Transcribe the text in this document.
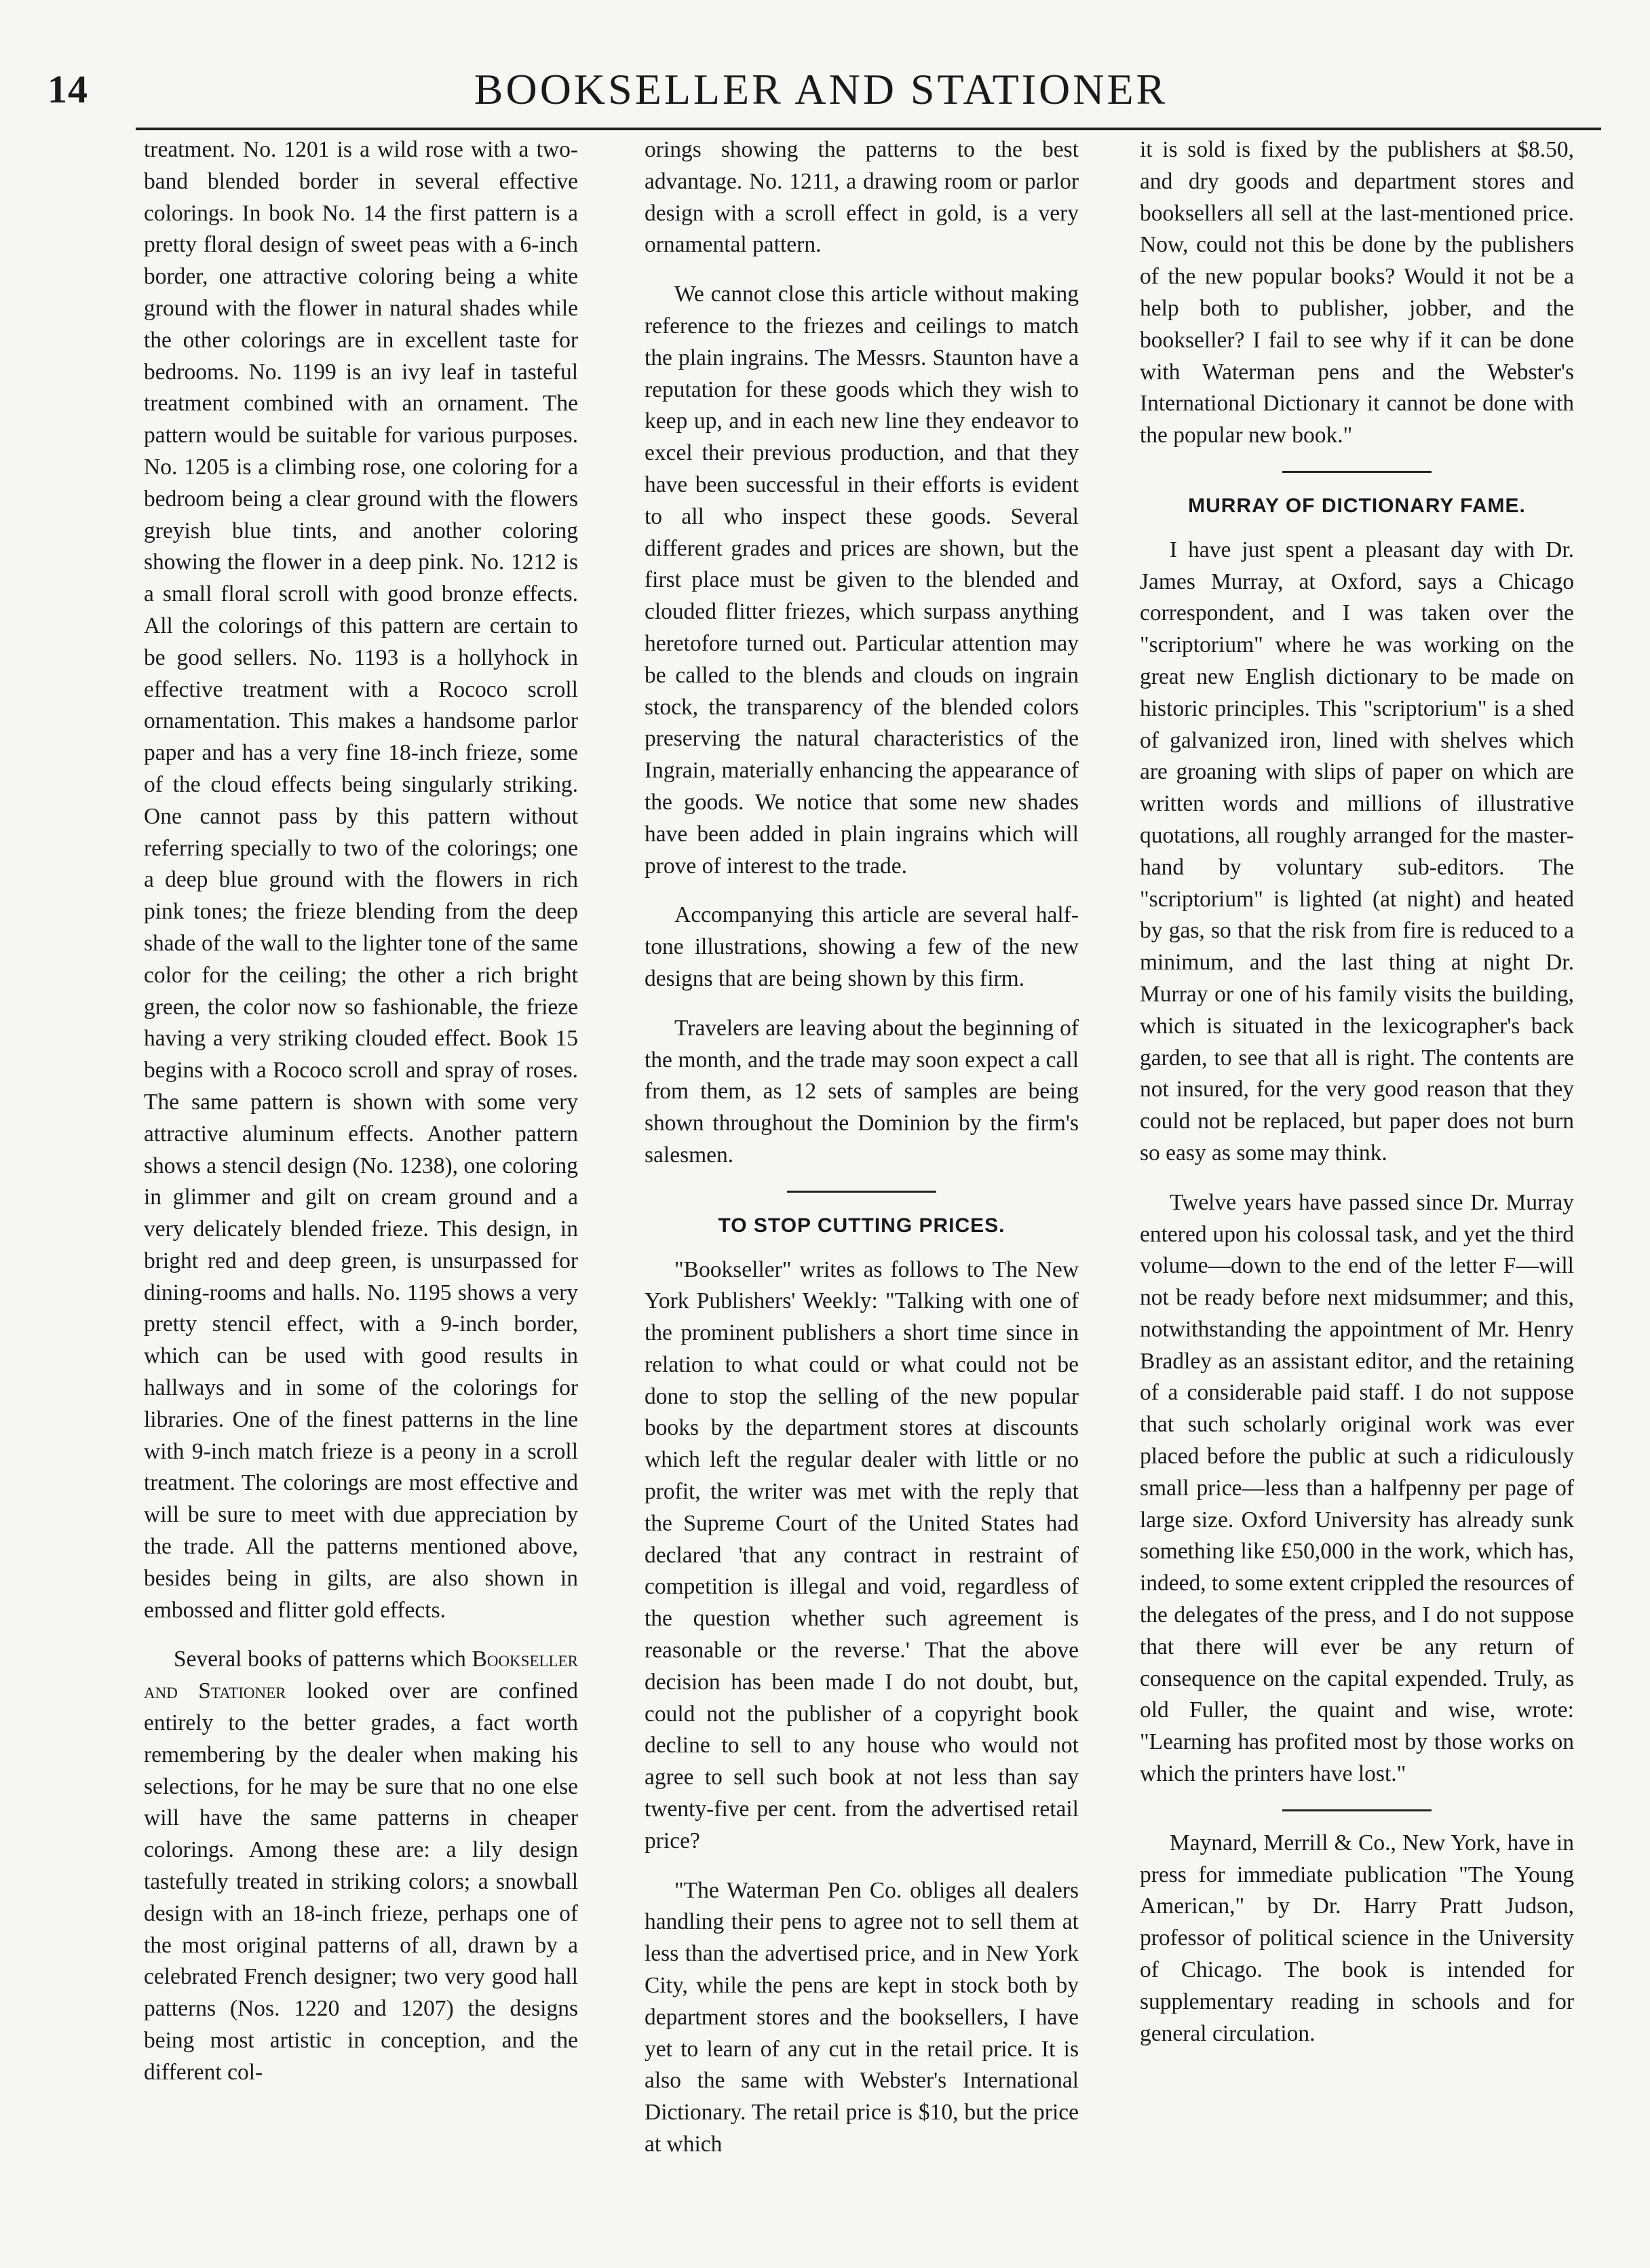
14	BOOKSELLER AND STATIONER

treatment. No. 1201 is a wild rose with a two-band blended border in several effective colorings. In book No. 14 the first pattern is a pretty floral design of sweet peas with a 6-inch border, one attractive coloring being a white ground with the flower in natural shades while the other colorings are in excellent taste for bedrooms. No. 1199 is an ivy leaf in tasteful treatment combined with an ornament. The pattern would be suitable for various purposes. No. 1205 is a climbing rose, one coloring for a bedroom being a clear ground with the flowers greyish blue tints, and another coloring showing the flower in a deep pink. No. 1212 is a small floral scroll with good bronze effects. All the colorings of this pattern are certain to be good sellers. No. 1193 is a hollyhock in effective treatment with a Rococo scroll ornamentation. This makes a handsome parlor paper and has a very fine 18-inch frieze, some of the cloud effects being singularly striking. One cannot pass by this pattern without referring specially to two of the colorings; one a deep blue ground with the flowers in rich pink tones; the frieze blending from the deep shade of the wall to the lighter tone of the same color for the ceiling; the other a rich bright green, the color now so fashionable, the frieze having a very striking clouded effect. Book 15 begins with a Rococo scroll and spray of roses. The same pattern is shown with some very attractive aluminum effects. Another pattern shows a stencil design (No. 1238), one coloring in glimmer and gilt on cream ground and a very delicately blended frieze. This design, in bright red and deep green, is unsurpassed for dining-rooms and halls. No. 1195 shows a very pretty stencil effect, with a 9-inch border, which can be used with good results in hallways and in some of the colorings for libraries. One of the finest patterns in the line with 9-inch match frieze is a peony in a scroll treatment. The colorings are most effective and will be sure to meet with due appreciation by the trade. All the patterns mentioned above, besides being in gilts, are also shown in embossed and flitter gold effects.

Several books of patterns which Bookseller and Stationer looked over are confined entirely to the better grades, a fact worth remembering by the dealer when making his selections, for he may be sure that no one else will have the same patterns in cheaper colorings. Among these are: a lily design tastefully treated in striking colors; a snowball design with an 18-inch frieze, perhaps one of the most original patterns of all, drawn by a celebrated French designer; two very good hall patterns (Nos. 1220 and 1207) the designs being most artistic in conception, and the different col-

orings showing the patterns to the best advantage. No. 1211, a drawing room or parlor design with a scroll effect in gold, is a very ornamental pattern.

We cannot close this article without making reference to the friezes and ceilings to match the plain ingrains. The Messrs. Staunton have a reputation for these goods which they wish to keep up, and in each new line they endeavor to excel their previous production, and that they have been successful in their efforts is evident to all who inspect these goods. Several different grades and prices are shown, but the first place must be given to the blended and clouded flitter friezes, which surpass anything heretofore turned out. Particular attention may be called to the blends and clouds on ingrain stock, the transparency of the blended colors preserving the natural characteristics of the Ingrain, materially enhancing the appearance of the goods. We notice that some new shades have been added in plain ingrains which will prove of interest to the trade.

Accompanying this article are several half-tone illustrations, showing a few of the new designs that are being shown by this firm.

Travelers are leaving about the beginning of the month, and the trade may soon expect a call from them, as 12 sets of samples are being shown throughout the Dominion by the firm's salesmen.

TO STOP CUTTING PRICES.

"Bookseller" writes as follows to The New York Publishers' Weekly: "Talking with one of the prominent publishers a short time since in relation to what could or what could not be done to stop the selling of the new popular books by the department stores at discounts which left the regular dealer with little or no profit, the writer was met with the reply that the Supreme Court of the United States had declared 'that any contract in restraint of competition is illegal and void, regardless of the question whether such agreement is reasonable or the reverse.' That the above decision has been made I do not doubt, but, could not the publisher of a copyright book decline to sell to any house who would not agree to sell such book at not less than say twenty-five per cent. from the advertised retail price?

"The Waterman Pen Co. obliges all dealers handling their pens to agree not to sell them at less than the advertised price, and in New York City, while the pens are kept in stock both by department stores and the booksellers, I have yet to learn of any cut in the retail price. It is also the same with Webster's International Dictionary. The retail price is $10, but the price at which

it is sold is fixed by the publishers at $8.50, and dry goods and department stores and booksellers all sell at the last-mentioned price. Now, could not this be done by the publishers of the new popular books? Would it not be a help both to publisher, jobber, and the bookseller? I fail to see why if it can be done with Waterman pens and the Webster's International Dictionary it cannot be done with the popular new book."

MURRAY OF DICTIONARY FAME.

I have just spent a pleasant day with Dr. James Murray, at Oxford, says a Chicago correspondent, and I was taken over the "scriptorium" where he was working on the great new English dictionary to be made on historic principles. This "scriptorium" is a shed of galvanized iron, lined with shelves which are groaning with slips of paper on which are written words and millions of illustrative quotations, all roughly arranged for the master-hand by voluntary sub-editors. The "scriptorium" is lighted (at night) and heated by gas, so that the risk from fire is reduced to a minimum, and the last thing at night Dr. Murray or one of his family visits the building, which is situated in the lexicographer's back garden, to see that all is right. The contents are not insured, for the very good reason that they could not be replaced, but paper does not burn so easy as some may think.

Twelve years have passed since Dr. Murray entered upon his colossal task, and yet the third volume—down to the end of the letter F—will not be ready before next midsummer; and this, notwithstanding the appointment of Mr. Henry Bradley as an assistant editor, and the retaining of a considerable paid staff. I do not suppose that such scholarly original work was ever placed before the public at such a ridiculously small price—less than a halfpenny per page of large size. Oxford University has already sunk something like £50,000 in the work, which has, indeed, to some extent crippled the resources of the delegates of the press, and I do not suppose that there will ever be any return of consequence on the capital expended. Truly, as old Fuller, the quaint and wise, wrote: "Learning has profited most by those works on which the printers have lost."

Maynard, Merrill & Co., New York, have in press for immediate publication "The Young American," by Dr. Harry Pratt Judson, professor of political science in the University of Chicago. The book is intended for supplementary reading in schools and for general circulation.
